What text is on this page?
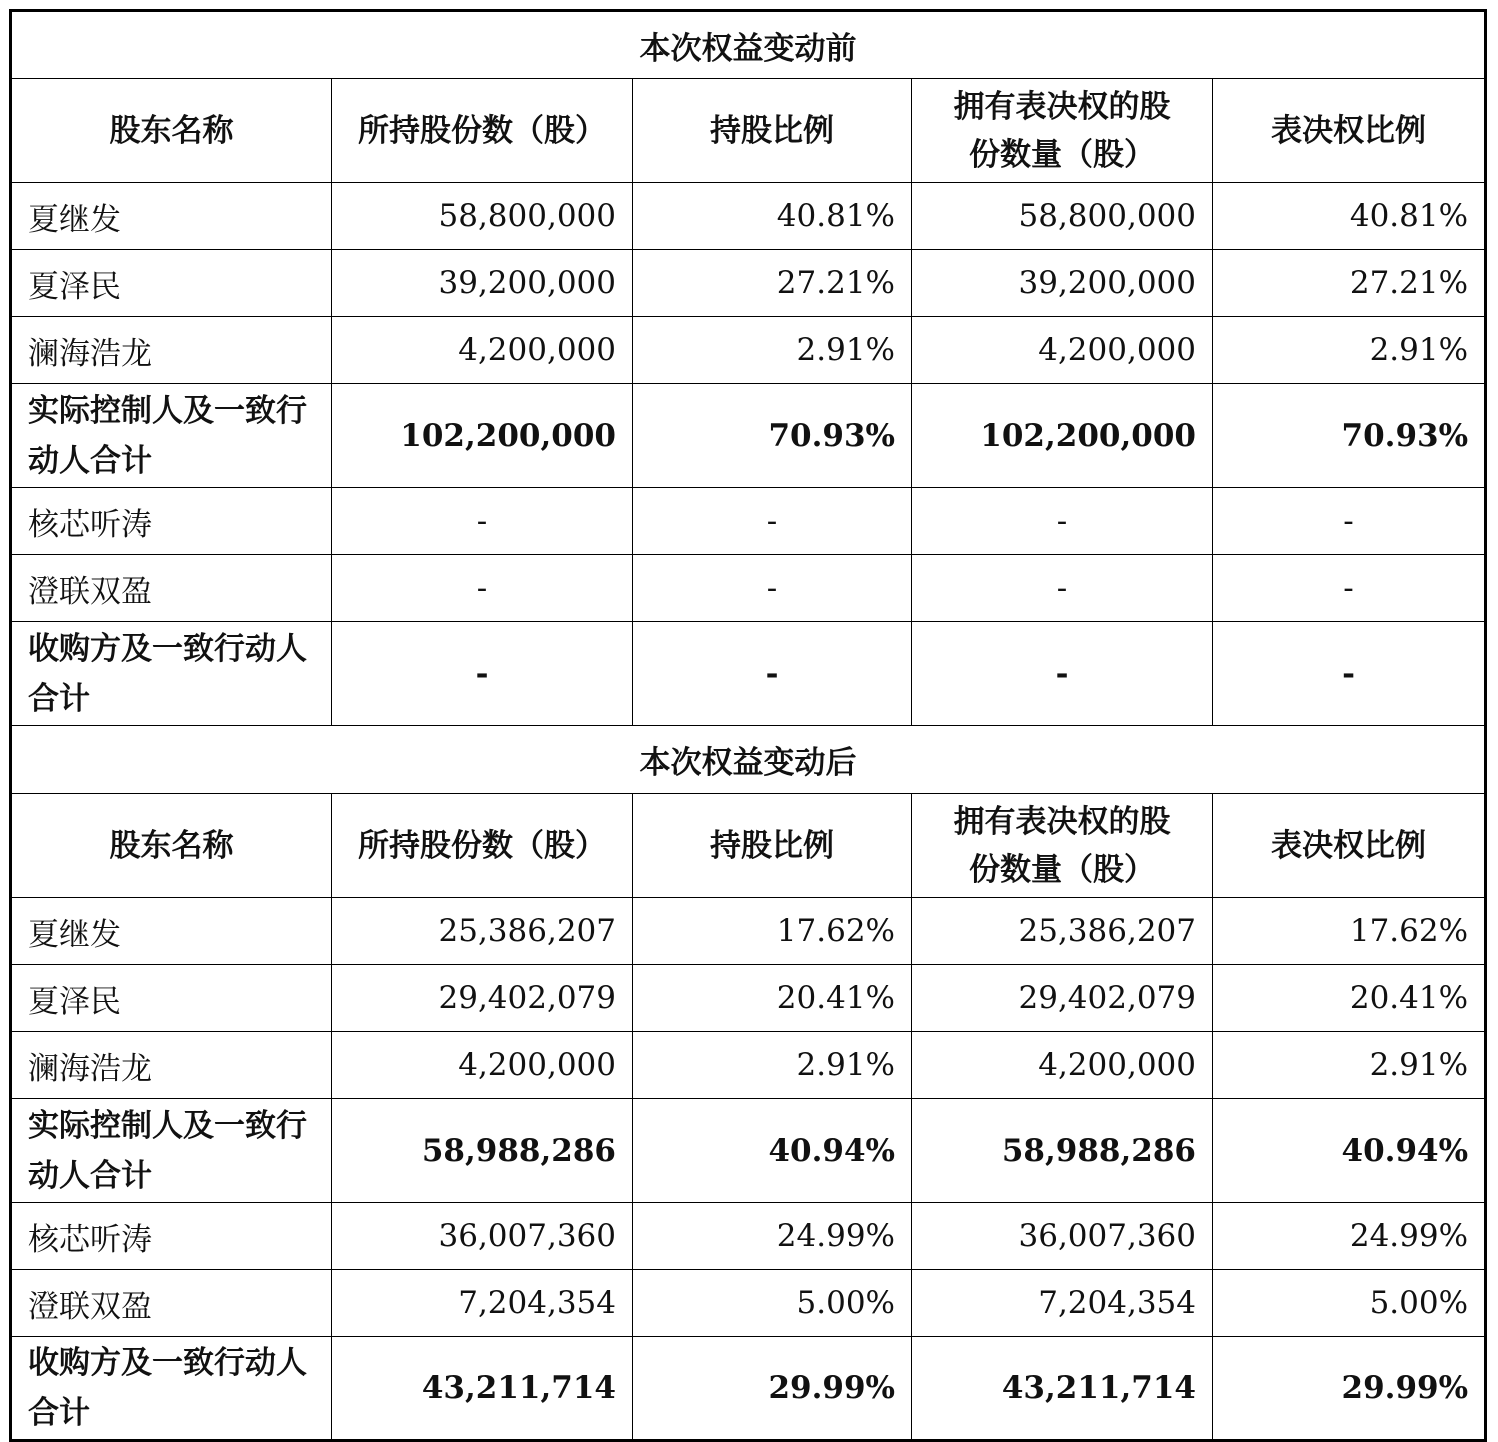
本次权益变动前				
股东名称	所持股份数（股）	持股比例	拥有表决权的股份数量（股）	表决权比例
夏继发	58,800,000	40.81%	58,800,000	40.81%
夏泽民	39,200,000	27.21%	39,200,000	27.21%
澜海浩龙	4,200,000	2.91%	4,200,000	2.91%
实际控制人及一致行动人合计	102,200,000	70.93%	102,200,000	70.93%
核芯听涛	-	-	-	-
澄联双盈	-	-	-	-
收购方及一致行动人合计	-	-	-	-
本次权益变动后				
股东名称	所持股份数（股）	持股比例	拥有表决权的股份数量（股）	表决权比例
夏继发	25,386,207	17.62%	25,386,207	17.62%
夏泽民	29,402,079	20.41%	29,402,079	20.41%
澜海浩龙	4,200,000	2.91%	4,200,000	2.91%
实际控制人及一致行动人合计	58,988,286	40.94%	58,988,286	40.94%
核芯听涛	36,007,360	24.99%	36,007,360	24.99%
澄联双盈	7,204,354	5.00%	7,204,354	5.00%
收购方及一致行动人合计	43,211,714	29.99%	43,211,714	29.99%
